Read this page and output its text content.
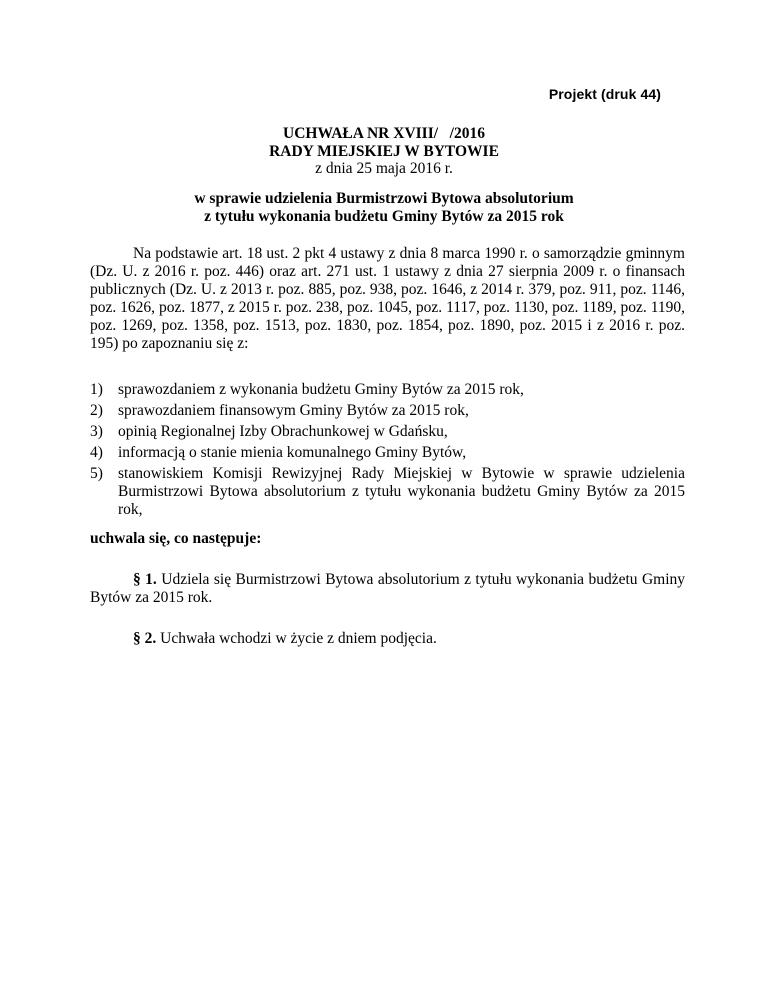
Projekt (druk 44)
UCHWAŁA NR XVIII/   /2016
RADY MIEJSKIEJ W BYTOWIE
z dnia 25 maja 2016 r.
w sprawie udzielenia Burmistrzowi Bytowa absolutorium
z tytułu wykonania budżetu Gminy Bytów za 2015 rok
Na podstawie art. 18 ust. 2 pkt 4 ustawy z dnia 8 marca 1990 r. o samorządzie gminnym (Dz. U. z 2016 r. poz. 446) oraz art. 271 ust. 1 ustawy z dnia 27 sierpnia 2009 r. o finansach publicznych (Dz. U. z 2013 r. poz. 885, poz. 938, poz. 1646, z 2014 r. 379, poz. 911, poz. 1146, poz. 1626, poz. 1877, z 2015 r. poz. 238, poz. 1045, poz. 1117, poz. 1130, poz. 1189, poz. 1190, poz. 1269, poz. 1358, poz. 1513, poz. 1830, poz. 1854, poz. 1890, poz. 2015 i z 2016 r. poz. 195) po zapoznaniu się z:
1) sprawozdaniem z wykonania budżetu Gminy Bytów za 2015 rok,
2) sprawozdaniem finansowym Gminy Bytów za 2015 rok,
3) opinią Regionalnej Izby Obrachunkowej w Gdańsku,
4) informacją o stanie mienia komunalnego Gminy Bytów,
5) stanowiskiem Komisji Rewizyjnej Rady Miejskiej w Bytowie w sprawie udzielenia Burmistrzowi Bytowa absolutorium z tytułu wykonania budżetu Gminy Bytów za 2015 rok,
uchwala się, co następuje:
§ 1. Udziela się Burmistrzowi Bytowa absolutorium z tytułu wykonania budżetu Gminy Bytów za 2015 rok.
§ 2. Uchwała wchodzi w życie z dniem podjęcia.
